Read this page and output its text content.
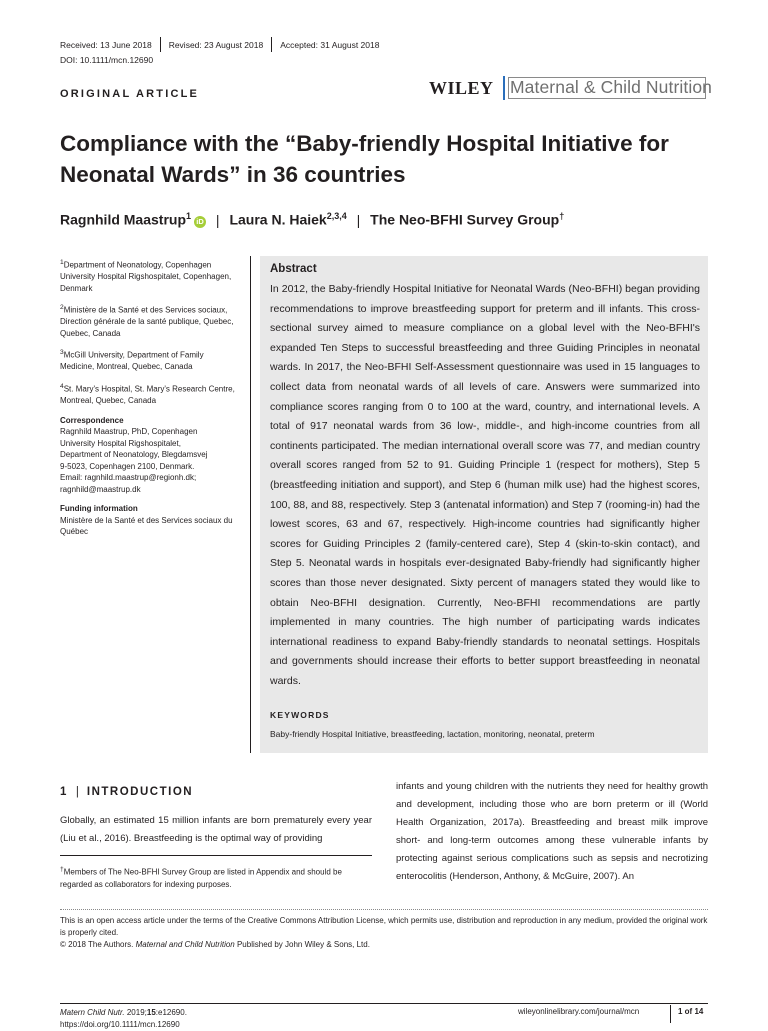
Received: 13 June 2018 Revised: 23 August 2018 Accepted: 31 August 2018
DOI: 10.1111/mcn.12690
ORIGINAL ARTICLE	WILEY Maternal & Child Nutrition
Compliance with the “Baby-friendly Hospital Initiative for Neonatal Wards” in 36 countries
Ragnhild Maastrup$^1$iD | Laura N. Haiek$^{2,3,4}$ | The Neo-BFHI Survey Group†

$^1$Department of Neonatology, Copenhagen University Hospital Rigshospitalet, Copenhagen, Denmark

$^2$Ministère de la Santé et des Services sociaux, Direction générale de la santé publique, Quebec, Quebec, Canada

$^3$McGill University, Department of Family Medicine, Montreal, Quebec, Canada

$^4$St. Mary's Hospital, St. Mary's Research Centre, Montreal, Quebec, Canada

Correspondence

Ragnhild Maastrup, PhD, Copenhagen
University Hospital Rigshospitalet,
Department of Neonatology, Blegdamsvej
9-5023, Copenhagen 2100, Denmark.
Email: ragnhild.maastrup@regionh.dk;
ragnhild@maastrup.dk

Funding information

Ministère de la Santé et des Services sociaux du Québec

Abstract
In 2012, the Baby-friendly Hospital Initiative for Neonatal Wards (Neo-BFHI) began providing recommendations to improve breastfeeding support for preterm and ill infants. This cross-sectional survey aimed to measure compliance on a global level with the Neo-BFHI's expanded Ten Steps to successful breastfeeding and three Guiding Principles in neonatal wards. In 2017, the Neo-BFHI Self-Assessment questionnaire was used in 15 languages to collect data from neonatal wards of all levels of care. Answers were summarized into compliance scores ranging from 0 to 100 at the ward, country, and international levels. A total of 917 neonatal wards from 36 low-, middle-, and high-income countries from all continents participated. The median international overall score was 77, and median country overall scores ranged from 52 to 91. Guiding Principle 1 (respect for mothers), Step 5 (breastfeeding initiation and support), and Step 6 (human milk use) had the highest scores, 100, 88, and 88, respectively. Step 3 (antenatal information) and Step 7 (rooming-in) had the lowest scores, 63 and 67, respectively. High-income countries had significantly higher scores for Guiding Principles 2 (family-centered care), Step 4 (skin-to-skin contact), and Step 5. Neonatal wards in hospitals ever-designated Baby-friendly had significantly higher scores than those never designated. Sixty percent of managers stated they would like to obtain Neo-BFHI designation. Currently, Neo-BFHI recommendations are partly implemented in many countries. The high number of participating wards indicates international readiness to expand Baby-friendly standards to neonatal settings. Hospitals and governments should increase their efforts to better support breastfeeding in neonatal wards.
KEYWORDS
Baby-friendly Hospital Initiative, breastfeeding, lactation, monitoring, neonatal, preterm
1 | INTRODUCTION
Globally, an estimated 15 million infants are born prematurely every year (Liu et al., 2016). Breastfeeding is the optimal way of providing
†Members of The Neo-BFHI Survey Group are listed in Appendix and should be regarded as collaborators for indexing purposes.
infants and young children with the nutrients they need for healthy growth and development, including those who are born preterm or ill (World Health Organization, 2017a). Breastfeeding and breast milk improve short- and long-term outcomes among these vulnerable infants by protecting against serious complications such as sepsis and necrotizing enterocolitis (Henderson, Anthony, & McGuire, 2007). An

This is an open access article under the terms of the Creative Commons Attribution License, which permits use, distribution and reproduction in any medium, provided the original work is properly cited.

© 2018 The Authors. Maternal and Child Nutrition Published by John Wiley & Sons, Ltd.

Matern Child Nutr. 2019;15:e12690.
https://doi.org/10.1111/mcn.12690
wileyonlinelibrary.com/journal/mcn	1 of 14
